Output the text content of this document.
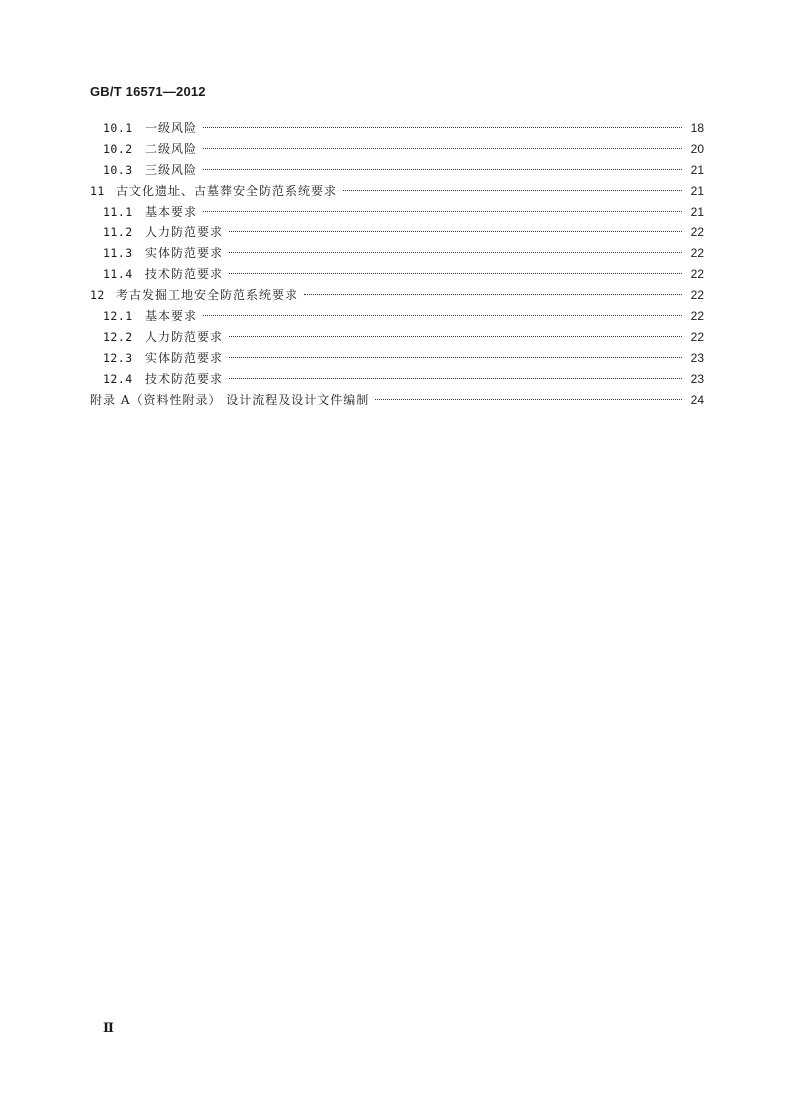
GB/T 16571—2012
10.1	一级风险	18
10.2	二级风险	20
10.3	三级风险	21
11 古文化遗址、古墓葬安全防范系统要求	21
11.1	基本要求	21
11.2	人力防范要求	22
11.3	实体防范要求	22
11.4	技术防范要求	22
12 考古发掘工地安全防范系统要求	22
12.1	基本要求	22
12.2	人力防范要求	22
12.3	实体防范要求	23
12.4	技术防范要求	23
附录 A（资料性附录） 设计流程及设计文件编制	24
Ⅱ
